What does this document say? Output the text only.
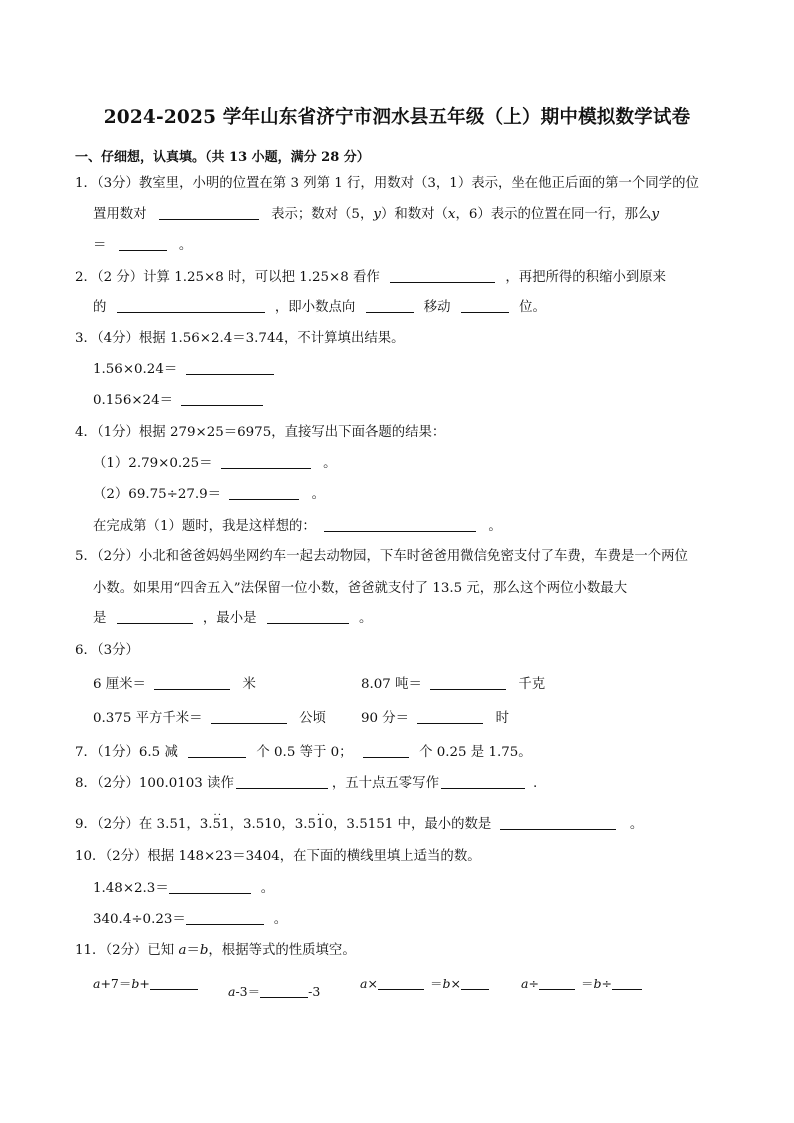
2024-2025 学年山东省济宁市泗水县五年级（上）期中模拟数学试卷
一、仔细想，认真填。（共 13 小题，满分 28 分）
1．（3分）教室里，小明的位置在第 3 列第 1 行，用数对（3，1）表示，坐在他正后面的第一个同学的位
置用数对	表示；数对（5，y）和数对（x，6）表示的位置在同一行，那么y
＝	。
2．（2 分）计算 1.25×8 时，可以把 1.25×8 看作	，再把所得的积缩小到原来
的	，即小数点向	移动	位。
3．（4分）根据 1.56×2.4＝3.744，不计算填出结果。
1.56×0.24＝
0.156×24＝
4．（1分）根据 279×25＝6975，直接写出下面各题的结果：
（1）2.79×0.25＝	。
（2）69.75÷27.9＝	。
在完成第（1）题时，我是这样想的：	。
5．（2分）小北和爸爸妈妈坐网约车一起去动物园，下车时爸爸用微信免密支付了车费，车费是一个两位
小数。如果用“四舍五入”法保留一位小数，爸爸就支付了 13.5 元，那么这个两位小数最大
是	，最小是	。
6．（3分）
6 厘米＝	米	8.07 吨＝	千克
0.375 平方千米＝	公顷	90 分＝	时
7．（1分）6.5 减	个 0.5 等于 0；	个 0.25 是 1.75。
8．（2分）100.0103 读作	，五十点五零写作	.
9．（2分）在 3.51，3.· · 51，3.510，3.5· · 10，3.5151 中，最小的数是	。
10．（2分）根据 148×23＝3404，在下面的横线里填上适当的数。
1.48×2.3＝	。
340.4÷0.23＝	。
11．（2分）已知 a＝b，根据等式的性质填空。
a+7＝b+
a-3＝	-3
a×	＝b×	a÷	＝b÷
